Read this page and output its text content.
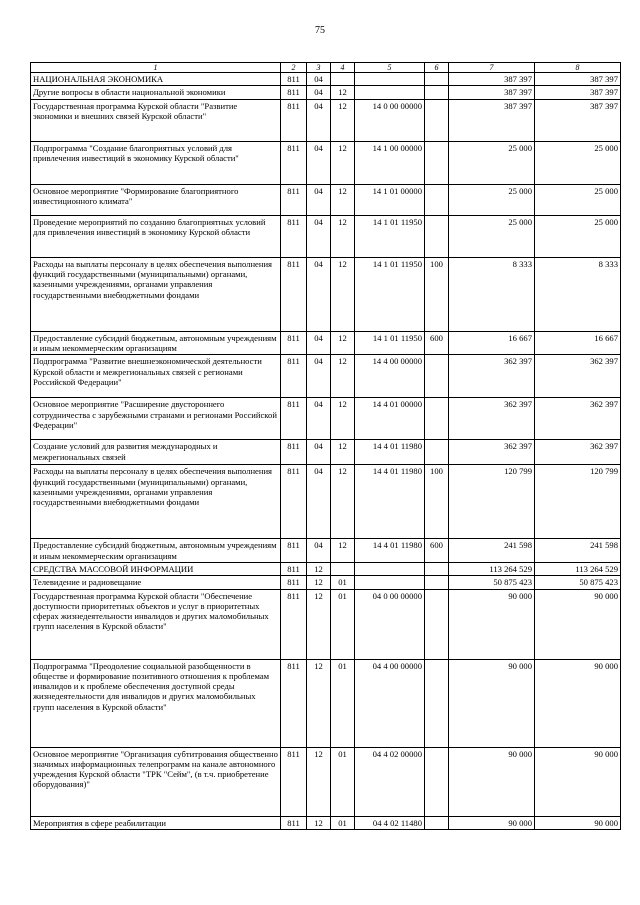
75
1	2	3	4	5	6	7	8
НАЦИОНАЛЬНАЯ ЭКОНОМИКА	811	04				387 397	387 397
Другие вопросы в области национальной экономики	811	04	12			387 397	387 397
Государственная программа Курской области "Развитие экономики и внешних связей Курской области"	811	04	12	14 0 00 00000		387 397	387 397
Подпрограмма "Создание благоприятных условий для привлечения инвестиций в экономику Курской области"	811	04	12	14 1 00 00000		25 000	25 000
Основное мероприятие "Формирование благоприятного инвестиционного климата"	811	04	12	14 1 01 00000		25 000	25 000
Проведение мероприятий по созданию благоприятных условий для привлечения инвестиций в экономику Курской области	811	04	12	14 1 01 11950		25 000	25 000
Расходы на выплаты персоналу в целях обеспечения выполнения функций государственными (муниципальными) органами, казенными учреждениями, органами управления государственными внебюджетными фондами	811	04	12	14 1 01 11950	100	8 333	8 333
Предоставление субсидий бюджетным, автономным учреждениям и иным некоммерческим организациям	811	04	12	14 1 01 11950	600	16 667	16 667
Подпрограмма "Развитие внешнеэкономической деятельности Курской области и межрегиональных связей с регионами Российской Федерации"	811	04	12	14 4 00 00000		362 397	362 397
Основное мероприятие "Расширение двустороннего сотрудничества с зарубежными странами и регионами Российской Федерации"	811	04	12	14 4 01 00000		362 397	362 397
Создание условий для развития международных и межрегиональных связей	811	04	12	14 4 01 11980		362 397	362 397
Расходы на выплаты персоналу в целях обеспечения выполнения функций государственными (муниципальными) органами, казенными учреждениями, органами управления государственными внебюджетными фондами	811	04	12	14 4 01 11980	100	120 799	120 799
Предоставление субсидий бюджетным, автономным учреждениям и иным некоммерческим организациям	811	04	12	14 4 01 11980	600	241 598	241 598
СРЕДСТВА МАССОВОЙ ИНФОРМАЦИИ	811	12				113 264 529	113 264 529
Телевидение и радиовещание	811	12	01			50 875 423	50 875 423
Государственная программа Курской области "Обеспечение доступности приоритетных объектов и услуг в приоритетных сферах жизнедеятельности инвалидов и других маломобильных групп населения в Курской области"	811	12	01	04 0 00 00000		90 000	90 000
Подпрограмма "Преодоление социальной разобщенности в обществе и формирование позитивного отношения к проблемам инвалидов и к проблеме обеспечения доступной среды жизнедеятельности для инвалидов и других маломобильных групп населения в Курской области"	811	12	01	04 4 00 00000		90 000	90 000
Основное мероприятие "Организация субтитрования общественно значимых информационных телепрограмм на канале автономного учреждения Курской области "ТРК "Сейм", (в т.ч. приобретение оборудования)"	811	12	01	04 4 02 00000		90 000	90 000
Мероприятия в сфере реабилитации	811	12	01	04 4 02 11480		90 000	90 000
